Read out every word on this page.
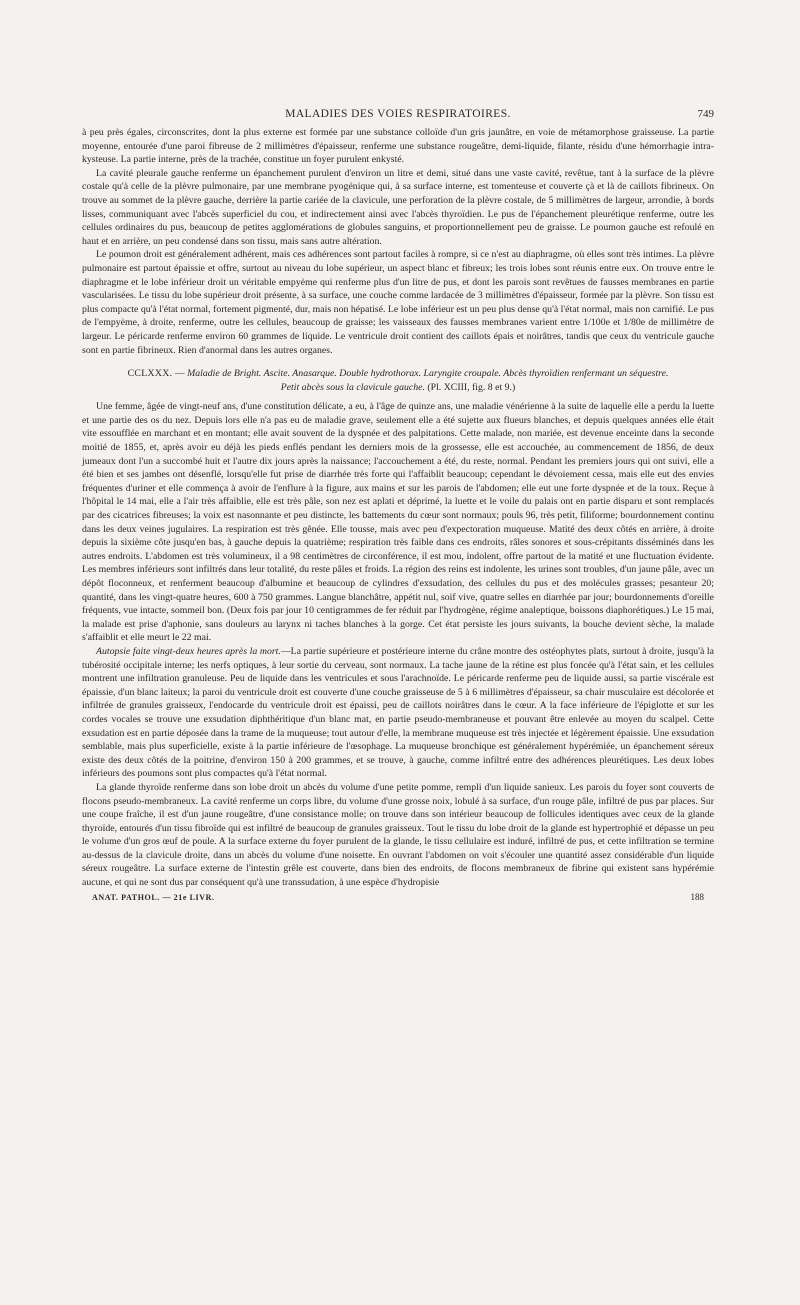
MALADIES DES VOIES RESPIRATOIRES.	749

à peu près égales, circonscrites, dont la plus externe est formée par une substance colloïde d'un gris jaunâtre, en voie de métamorphose graisseuse. La partie moyenne, entourée d'une paroi fibreuse de 2 millimètres d'épaisseur, renferme une substance rougeâtre, demi-liquide, filante, résidu d'une hémorrhagie intra-kysteuse. La partie interne, près de la trachée, constitue un foyer purulent enkysté.

La cavité pleurale gauche renferme un épanchement purulent d'environ un litre et demi, situé dans une vaste cavité, revêtue, tant à la surface de la plèvre costale qu'à celle de la plèvre pulmonaire, par une membrane pyogénique qui, à sa surface interne, est tomenteuse et couverte çà et là de caillots fibrineux. On trouve au sommet de la plèvre gauche, derrière la partie cariée de la clavicule, une perforation de la plèvre costale, de 5 millimètres de largeur, arrondie, à bords lisses, communiquant avec l'abcès superficiel du cou, et indirectement ainsi avec l'abcès thyroïdien. Le pus de l'épanchement pleurétique renferme, outre les cellules ordinaires du pus, beaucoup de petites agglomérations de globules sanguins, et proportionnellement peu de graisse. Le poumon gauche est refoulé en haut et en arrière, un peu condensé dans son tissu, mais sans autre altération.

Le poumon droit est généralement adhérent, mais ces adhérences sont partout faciles à rompre, si ce n'est au diaphragme, où elles sont très intimes. La plèvre pulmonaire est partout épaissie et offre, surtout au niveau du lobe supérieur, un aspect blanc et fibreux; les trois lobes sont réunis entre eux. On trouve entre le diaphragme et le lobe inférieur droit un véritable empyème qui renferme plus d'un litre de pus, et dont les parois sont revêtues de fausses membranes en partie vascularisées. Le tissu du lobe supérieur droit présente, à sa surface, une couche comme lardacée de 3 millimètres d'épaisseur, formée par la plèvre. Son tissu est plus compacte qu'à l'état normal, fortement pigmenté, dur, mais non hépatisé. Le lobe inférieur est un peu plus dense qu'à l'état normal, mais non carnifié. Le pus de l'empyème, à droite, renferme, outre les cellules, beaucoup de graisse; les vaisseaux des fausses membranes varient entre 1/100e et 1/80e de millimètre de largeur. Le péricarde renferme environ 60 grammes de liquide. Le ventricule droit contient des caillots épais et noirâtres, tandis que ceux du ventricule gauche sont en partie fibrineux. Rien d'anormal dans les autres organes.

CCLXXX. — Maladie de Bright. Ascite. Anasarque. Double hydrothorax. Laryngite croupale. Abcès thyroïdien renfermant un séquestre.
Petit abcès sous la clavicule gauche. (Pl. XCIII, fig. 8 et 9.)

Une femme, âgée de vingt-neuf ans, d'une constitution délicate, a eu, à l'âge de quinze ans, une maladie vénérienne à la suite de laquelle elle a perdu la luette et une partie des os du nez. Depuis lors elle n'a pas eu de maladie grave, seulement elle a été sujette aux flueurs blanches, et depuis quelques années elle était vite essoufflée en marchant et en montant; elle avait souvent de la dyspnée et des palpitations. Cette malade, non mariée, est devenue enceinte dans la seconde moitié de 1855, et, après avoir eu déjà les pieds enflés pendant les derniers mois de la grossesse, elle est accouchée, au commencement de 1856, de deux jumeaux dont l'un a succombé huit et l'autre dix jours après la naissance; l'accouchement a été, du reste, normal. Pendant les premiers jours qui ont suivi, elle a été bien et ses jambes ont désenflé, lorsqu'elle fut prise de diarrhée très forte qui l'affaiblit beaucoup; cependant le dévoiement cessa, mais elle eut des envies fréquentes d'uriner et elle commença à avoir de l'enflure à la figure, aux mains et sur les parois de l'abdomen; elle eut une forte dyspnée et de la toux. Reçue à l'hôpital le 14 mai, elle a l'air très affaiblie, elle est très pâle, son nez est aplati et déprimé, la luette et le voile du palais ont en partie disparu et sont remplacés par des cicatrices fibreuses; la voix est nasonnante et peu distincte, les battements du cœur sont normaux; pouls 96, très petit, filiforme; bourdonnement continu dans les deux veines jugulaires. La respiration est très gênée. Elle tousse, mais avec peu d'expectoration muqueuse. Matité des deux côtés en arrière, à droite depuis la sixième côte jusqu'en bas, à gauche depuis la quatrième; respiration très faible dans ces endroits, râles sonores et sous-crépitants disséminés dans les autres endroits. L'abdomen est très volumineux, il a 98 centimètres de circonférence, il est mou, indolent, offre partout de la matité et une fluctuation évidente. Les membres inférieurs sont infiltrés dans leur totalité, du reste pâles et froids. La région des reins est indolente, les urines sont troubles, d'un jaune pâle, avec un dépôt floconneux, et renferment beaucoup d'albumine et beaucoup de cylindres d'exsudation, des cellules du pus et des molécules grasses; pesanteur 20; quantité, dans les vingt-quatre heures, 600 à 750 grammes. Langue blanchâtre, appétit nul, soif vive, quatre selles en diarrhée par jour; bourdonnements d'oreille fréquents, vue intacte, sommeil bon. (Deux fois par jour 10 centigrammes de fer réduit par l'hydrogène, régime analeptique, boissons diaphorétiques.) Le 15 mai, la malade est prise d'aphonie, sans douleurs au larynx ni taches blanches à la gorge. Cet état persiste les jours suivants, la bouche devient sèche, la malade s'affaiblit et elle meurt le 22 mai.

Autopsie faite vingt-deux heures après la mort.—La partie supérieure et postérieure interne du crâne montre des ostéophytes plats, surtout à droite, jusqu'à la tubérosité occipitale interne; les nerfs optiques, à leur sortie du cerveau, sont normaux. La tache jaune de la rétine est plus foncée qu'à l'état sain, et les cellules montrent une infiltration granuleuse. Peu de liquide dans les ventricules et sous l'arachnoïde. Le péricarde renferme peu de liquide aussi, sa partie viscérale est épaissie, d'un blanc laiteux; la paroi du ventricule droit est couverte d'une couche graisseuse de 5 à 6 millimètres d'épaisseur, sa chair musculaire est décolorée et infiltrée de granules graisseux, l'endocarde du ventricule droit est épaissi, peu de caillots noirâtres dans le cœur. A la face inférieure de l'épiglotte et sur les cordes vocales se trouve une exsudation diphthéritique d'un blanc mat, en partie pseudo-membraneuse et pouvant être enlevée au moyen du scalpel. Cette exsudation est en partie déposée dans la trame de la muqueuse; tout autour d'elle, la membrane muqueuse est très injectée et légèrement épaissie. Une exsudation semblable, mais plus superficielle, existe à la partie inférieure de l'œsophage. La muqueuse bronchique est généralement hypérémiée, un épanchement séreux existe des deux côtés de la poitrine, d'environ 150 à 200 grammes, et se trouve, à gauche, comme infiltré entre des adhérences pleurétiques. Les deux lobes inférieurs des poumons sont plus compactes qu'à l'état normal.

La glande thyroïde renferme dans son lobe droit un abcès du volume d'une petite pomme, rempli d'un liquide sanieux. Les parois du foyer sont couverts de flocons pseudo-membraneux. La cavité renferme un corps libre, du volume d'une grosse noix, lobulé à sa surface, d'un rouge pâle, infiltré de pus par places. Sur une coupe fraîche, il est d'un jaune rougeâtre, d'une consistance molle; on trouve dans son intérieur beaucoup de follicules identiques avec ceux de la glande thyroïde, entourés d'un tissu fibroïde qui est infiltré de beaucoup de granules graisseux. Tout le tissu du lobe droit de la glande est hypertrophié et dépasse un peu le volume d'un gros œuf de poule. A la surface externe du foyer purulent de la glande, le tissu cellulaire est induré, infiltré de pus, et cette infiltration se termine au-dessus de la clavicule droite, dans un abcès du volume d'une noisette. En ouvrant l'abdomen on voit s'écouler une quantité assez considérable d'un liquide séreux rougeâtre. La surface externe de l'intestin grêle est couverte, dans bien des endroits, de flocons membraneux de fibrine qui existent sans hypérémie aucune, et qui ne sont dus par conséquent qu'à une transsudation, à une espèce d'hydropisie

ANAT. PATHOL. — 21e LIVR.	188
